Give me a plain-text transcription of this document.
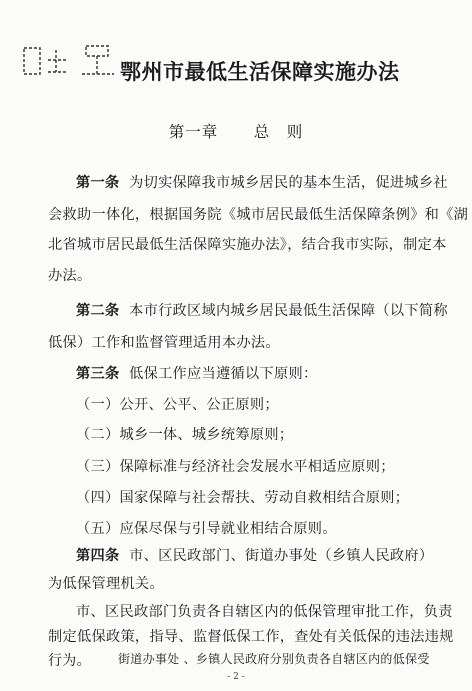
鄂州市最低生活保障实施办法
第一章 总　则
第一条 为切实保障我市城乡居民的基本生活，促进城乡社
会救助一体化，根据国务院《城市居民最低生活保障条例》和《湖
北省城市居民最低生活保障实施办法》，结合我市实际，制定本
办法。
第二条 本市行政区域内城乡居民最低生活保障（以下简称
低保）工作和监督管理适用本办法。
第三条 低保工作应当遵循以下原则：
（一）公开、公平、公正原则；
（二）城乡一体、城乡统筹原则；
（三）保障标准与经济社会发展水平相适应原则；
（四）国家保障与社会帮扶、劳动自救相结合原则；
（五）应保尽保与引导就业相结合原则。
第四条 市、区民政部门、街道办事处（乡镇人民政府）
为低保管理机关。
市、区民政部门负责各自辖区内的低保管理审批工作，负责
制定低保政策，指导、监督低保工作，查处有关低保的违法违规
行为。 街道办事处 、乡镇人民政府分别负责各自辖区内的低保受
- 2 -
